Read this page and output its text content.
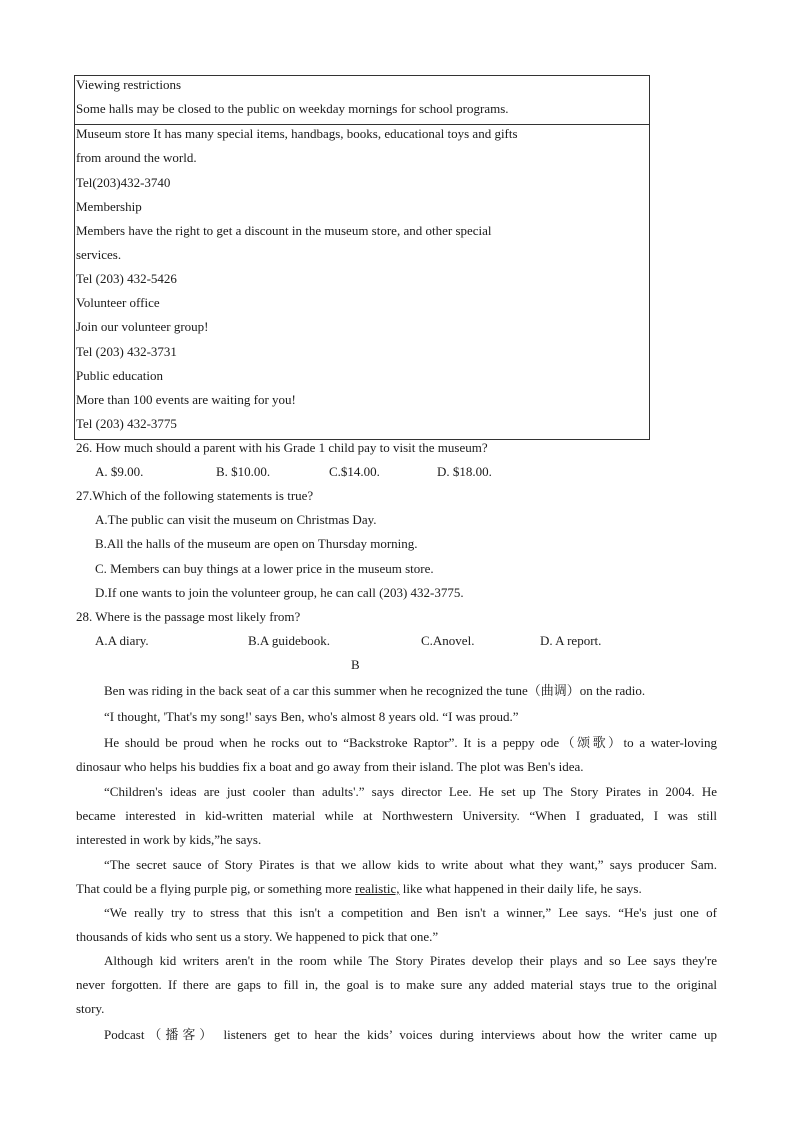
Viewing restrictions
Some halls may be closed to the public on weekday mornings for school programs.
Museum store It has many special items, handbags, books, educational toys and gifts
from around the world.
Tel(203)432-3740
Membership
Members have the right to get a discount in the museum store, and other special
services.
Tel (203) 432-5426
Volunteer office
Join our volunteer group!
Tel (203) 432-3731
Public education
More than 100 events are waiting for you!
Tel (203) 432-3775
26. How much should a parent with his Grade 1 child pay to visit the museum?
A. $9.00.	B. $10.00.	C.$14.00.	D. $18.00.
27.Which of the following statements is true?
A.The public can visit the museum on Christmas Day.
B.All the halls of the museum are open on Thursday morning.
C. Members can buy things at a lower price in the museum store.
D.If one wants to join the volunteer group, he can call (203) 432-3775.
28. Where is the passage most likely from?
A.A diary.	B.A guidebook.	C.Anovel.	D. A report.
B
Ben was riding in the back seat of a car this summer when he recognized the tune（曲调）on the radio.
“I thought, 'That's my song!' says Ben, who's almost 8 years old. “I was proud.”
He should be proud when he rocks out to “Backstroke Raptor”. It is a peppy ode（颂歌）to a water-loving
dinosaur who helps his buddies fix a boat and go away from their island. The plot was Ben's idea.
“Children's ideas are just cooler than adults'.” says director Lee. He set up The Story Pirates in 2004. He
became interested in kid-written material while at Northwestern University. “When I graduated, I was still
interested in work by kids,”he says.
“The secret sauce of Story Pirates is that we allow kids to write about what they want,” says producer Sam.
That could be a flying purple pig, or something more realistic, like what happened in their daily life, he says.
“We really try to stress that this isn't a competition and Ben isn't a winner,” Lee says. “He's just one of
thousands of kids who sent us a story. We happened to pick that one.”
Although kid writers aren't in the room while The Story Pirates develop their plays and so Lee says they're
never forgotten. If there are gaps to fill in, the goal is to make sure any added material stays true to the original
story.
Podcast（播客） listeners get to hear the kids’ voices during interviews about how the writer came up
